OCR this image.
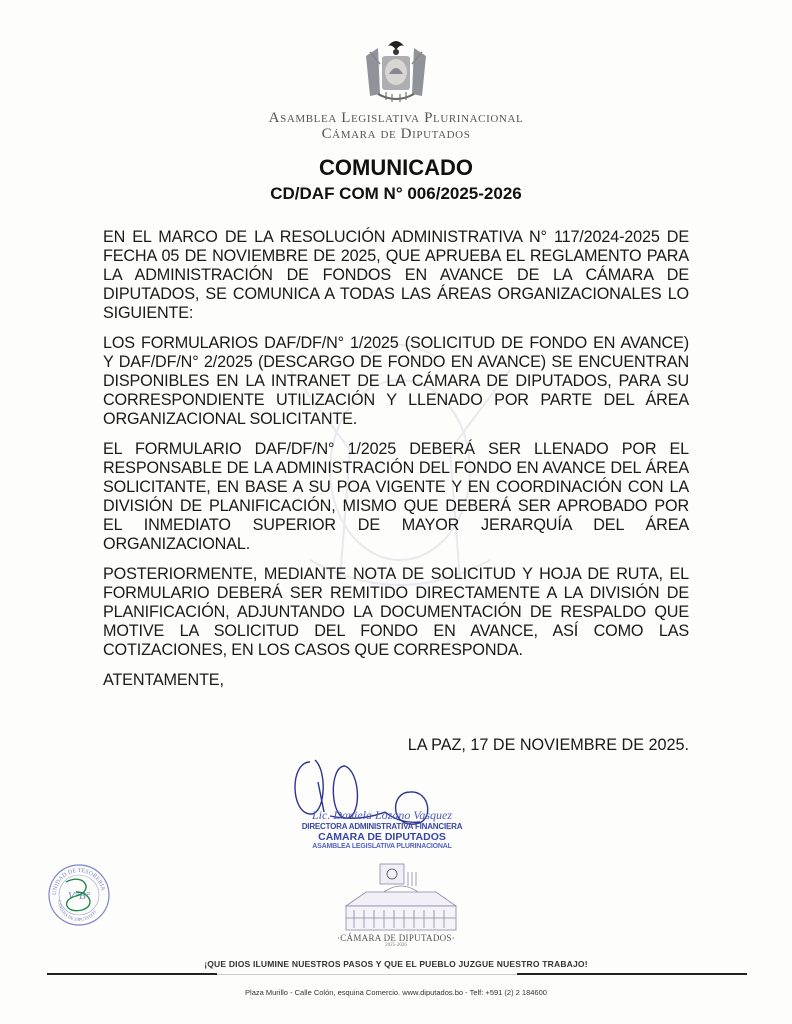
Asamblea Legislativa Plurinacional
Cámara de Diputados
COMUNICADO
CD/DAF COM N° 006/2025-2026

EN EL MARCO DE LA RESOLUCIÓN ADMINISTRATIVA N° 117/2024-2025 DE FECHA 05 DE NOVIEMBRE DE 2025, QUE APRUEBA EL REGLAMENTO PARA LA ADMINISTRACIÓN DE FONDOS EN AVANCE DE LA CÁMARA DE DIPUTADOS, SE COMUNICA A TODAS LAS ÁREAS ORGANIZACIONALES LO SIGUIENTE:

LOS FORMULARIOS DAF/DF/N° 1/2025 (SOLICITUD DE FONDO EN AVANCE) Y DAF/DF/N° 2/2025 (DESCARGO DE FONDO EN AVANCE) SE ENCUENTRAN DISPONIBLES EN LA INTRANET DE LA CÁMARA DE DIPUTADOS, PARA SU CORRESPONDIENTE UTILIZACIÓN Y LLENADO POR PARTE DEL ÁREA ORGANIZACIONAL SOLICITANTE.

EL FORMULARIO DAF/DF/N° 1/2025 DEBERÁ SER LLENADO POR EL RESPONSABLE DE LA ADMINISTRACIÓN DEL FONDO EN AVANCE DEL ÁREA SOLICITANTE, EN BASE A SU POA VIGENTE Y EN COORDINACIÓN CON LA DIVISIÓN DE PLANIFICACIÓN, MISMO QUE DEBERÁ SER APROBADO POR EL INMEDIATO SUPERIOR DE MAYOR JERARQUÍA DEL ÁREA ORGANIZACIONAL.

POSTERIORMENTE, MEDIANTE NOTA DE SOLICITUD Y HOJA DE RUTA, EL FORMULARIO DEBERÁ SER REMITIDO DIRECTAMENTE A LA DIVISIÓN DE PLANIFICACIÓN, ADJUNTANDO LA DOCUMENTACIÓN DE RESPALDO QUE MOTIVE LA SOLICITUD DEL FONDO EN AVANCE, ASÍ COMO LAS COTIZACIONES, EN LOS CASOS QUE CORRESPONDA.

ATENTAMENTE,

LA PAZ, 17 DE NOVIEMBRE DE 2025.
Lic. Daniela Lozano Vasquez
DIRECTORA ADMINISTRATIVA FINANCIERA
CAMARA DE DIPUTADOS
ASAMBLEA LEGISLATIVA PLURINACIONAL
UNIDAD DE TESORERIA
CAMARA DE DIPUTADOS
V°B°
·CÁMARA DE DIPUTADOS·
2025-2026
¡QUE DIOS ILUMINE NUESTROS PASOS Y QUE EL PUEBLO JUZGUE NUESTRO TRABAJO!
Plaza Murillo - Calle Colón, esquina Comercio. www.diputados.bo - Telf: +591 (2) 2 184600
